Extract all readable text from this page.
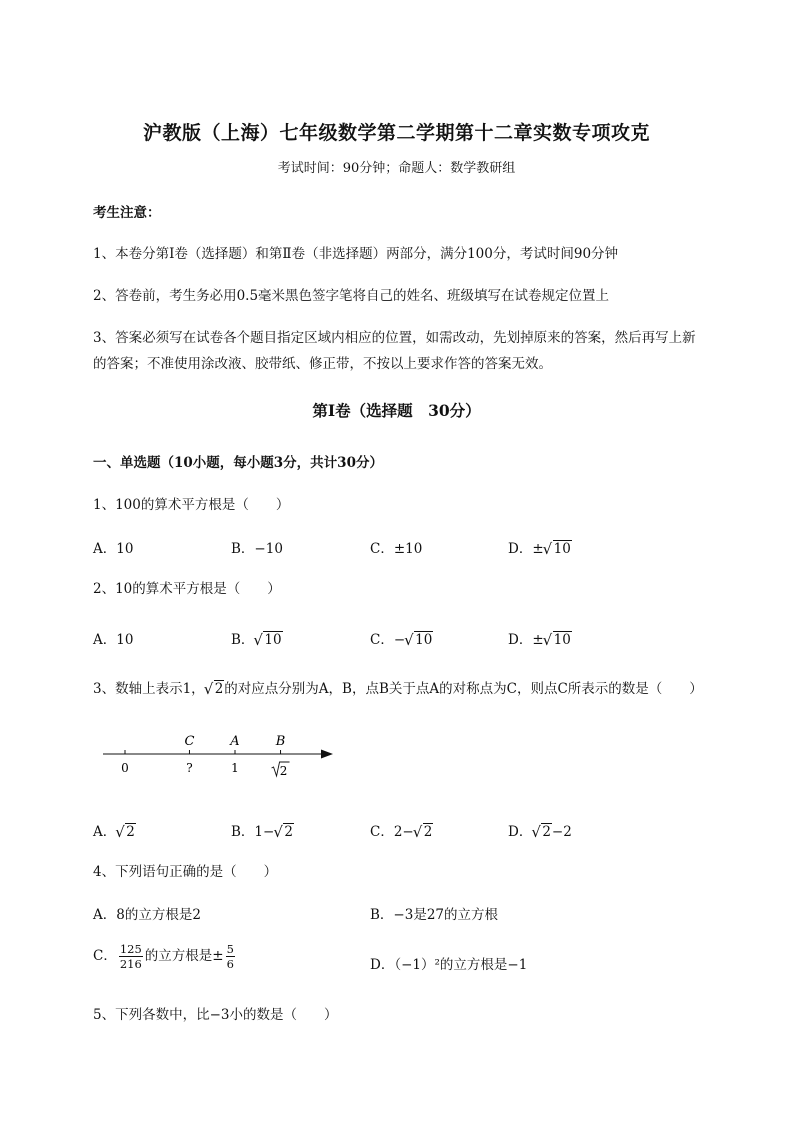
沪教版（上海）七年级数学第二学期第十二章实数专项攻克
考试时间：90分钟；命题人：数学教研组
考生注意：
1、本卷分第I卷（选择题）和第Ⅱ卷（非选择题）两部分，满分100分，考试时间90分钟
2、答卷前，考生务必用0.5毫米黑色签字笔将自己的姓名、班级填写在试卷规定位置上
3、答案必须写在试卷各个题目指定区域内相应的位置，如需改动，先划掉原来的答案，然后再写上新
的答案；不准使用涂改液、胶带纸、修正带，不按以上要求作答的答案无效。
第I卷（选择题　30分）
一、单选题（10小题，每小题3分，共计30分）
1、100的算术平方根是（　　）
A．10	B．−10	C．±10	D．± √ 10
2、10的算术平方根是（　　）
A．10	B． √ 10	C．− √ 10	D．± √ 10
3、数轴上表示1， √ 2的对应点分别为A，B，点B关于点A的对称点为C，则点C所表示的数是（　　）
0
C
?
A
1
B
2
A． √ 2	B．1− √ 2	C．2− √ 2	D． √ 2−2
4、下列语句正确的是（　　）
A．8的立方根是2	B．−3是27的立方根
C． $\frac{125}{216}$ 的立方根是± $\frac{5}{6}$	D．（−1）²的立方根是−1
5、下列各数中，比−3小的数是（　　）
